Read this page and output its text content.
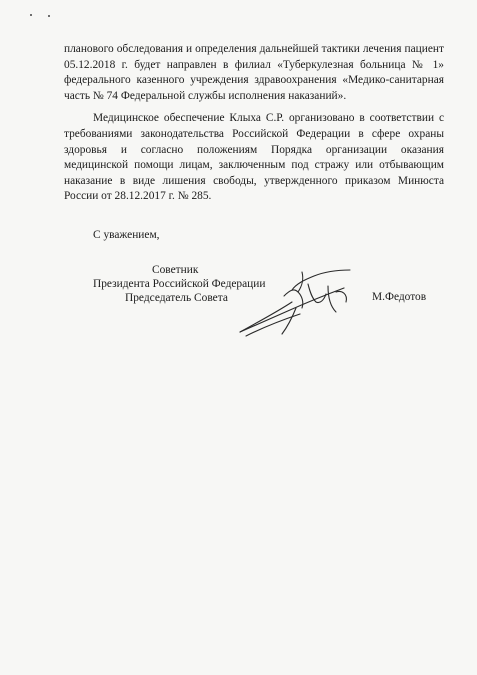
планового обследования и определения дальнейшей тактики лечения пациент 05.12.2018 г. будет направлен в филиал «Туберкулезная больница № 1» федерального казенного учреждения здравоохранения «Медико-санитарная часть № 74 Федеральной службы исполнения наказаний».

Медицинское обеспечение Клыха С.Р. организовано в соответствии с требованиями законодательства Российской Федерации в сфере охраны здоровья и согласно положениям Порядка организации оказания медицинской помощи лицам, заключенным под стражу или отбывающим наказание в виде лишения свободы, утвержденного приказом Минюста России от 28.12.2017 г. № 285.

С уважением,
Советник
Президента Российской Федерации
Председатель Совета	М.Федотов
